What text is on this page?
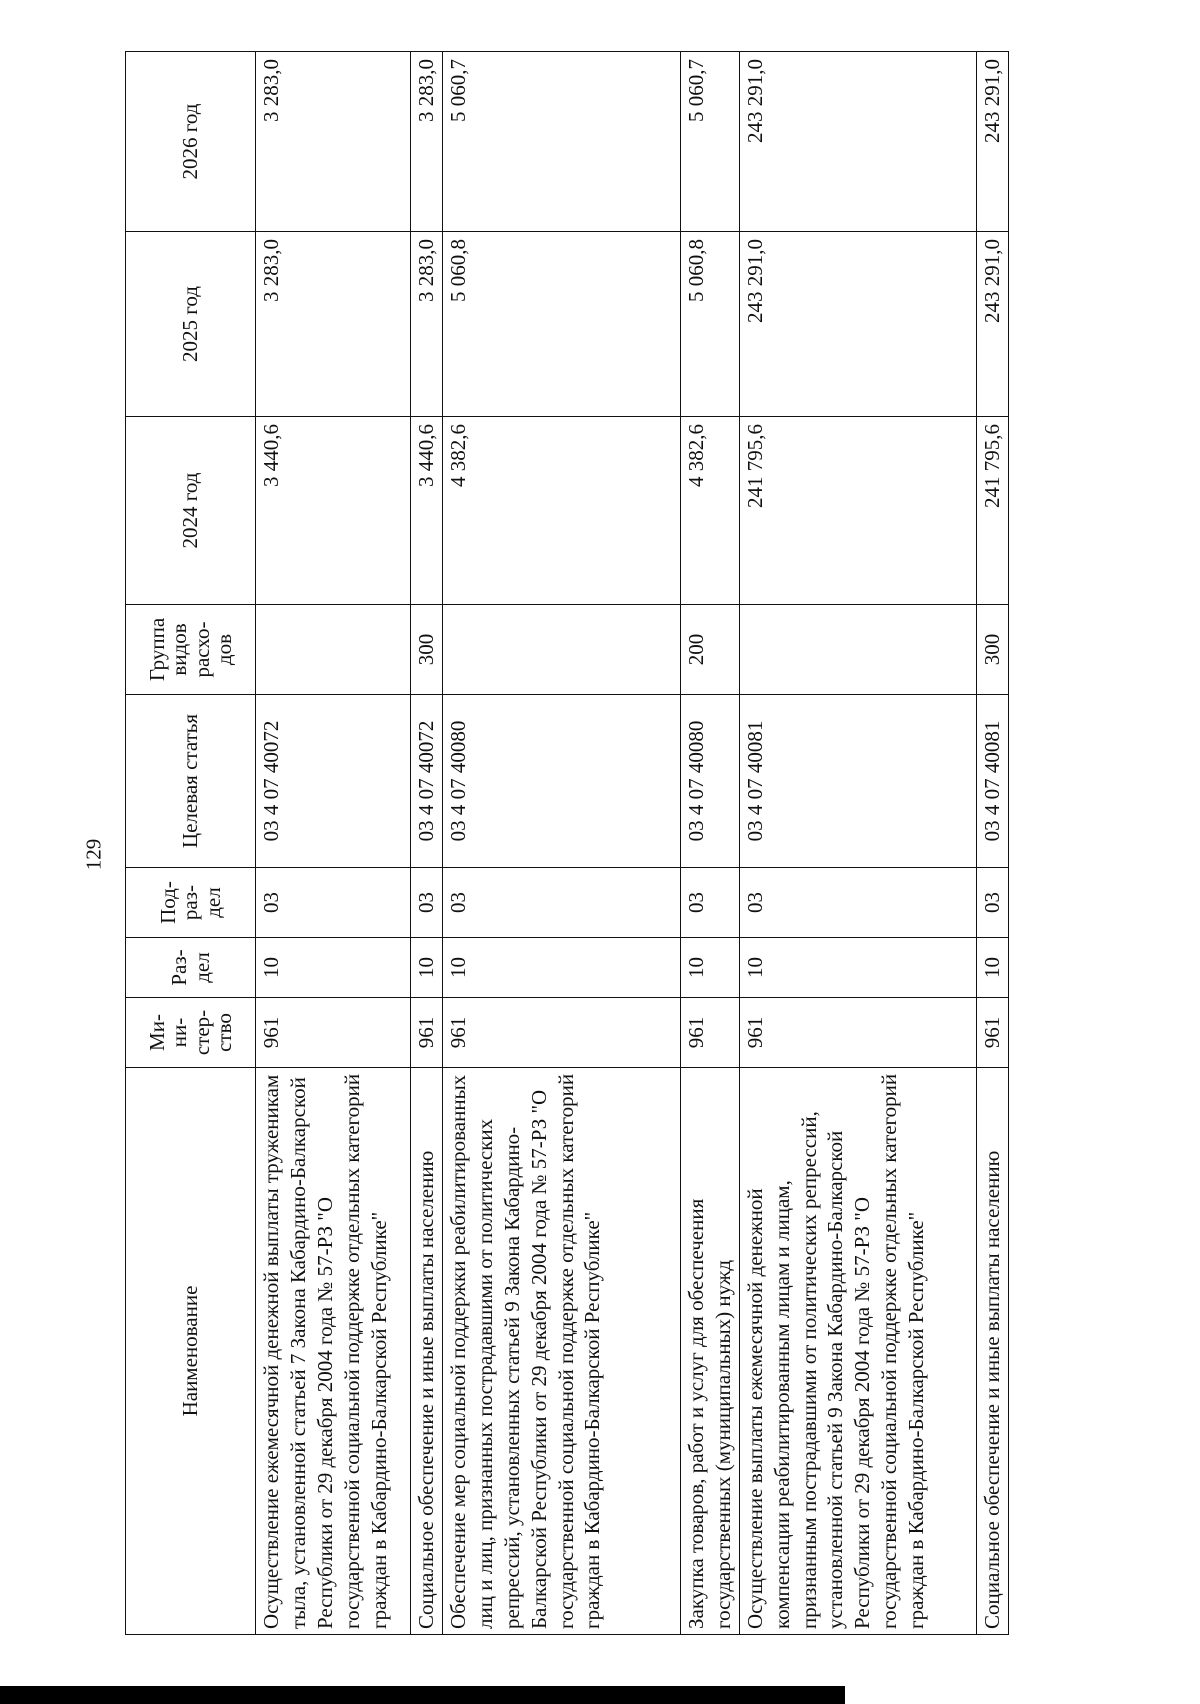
129
Наименование	Ми-
ни-
стер-
ство	Раз-
дел	Под-
раз-
дел	Целевая статья	Группа
видов
расхо-
дов	2024 год	2025 год	2026 год
Осуществление ежемесячной денежной выплаты труженикам тыла, установленной статьей 7 Закона Кабардино-Балкарской Республики от 29 декабря 2004 года № 57-РЗ "О государственной социальной поддержке отдельных категорий граждан в Кабардино-Балкарской Республике"	961	10	03	03 4 07 40072		3 440,6	3 283,0	3 283,0
Социальное обеспечение и иные выплаты населению	961	10	03	03 4 07 40072	300	3 440,6	3 283,0	3 283,0
Обеспечение мер социальной поддержки реабилитированных лиц и лиц, признанных пострадавшими от политических репрессий, установленных статьей 9 Закона Кабардино-Балкарской Республики от 29 декабря 2004 года № 57-РЗ "О государственной социальной поддержке отдельных категорий граждан в Кабардино-Балкарской Республике"	961	10	03	03 4 07 40080		4 382,6	5 060,8	5 060,7
Закупка товаров, работ и услуг для обеспечения государственных (муниципальных) нужд	961	10	03	03 4 07 40080	200	4 382,6	5 060,8	5 060,7
Осуществление выплаты ежемесячной денежной компенсации реабилитированным лицам и лицам, признанным пострадавшими от политических репрессий, установленной статьей 9 Закона Кабардино-Балкарской Республики от 29 декабря 2004 года № 57-РЗ "О государственной социальной поддержке отдельных категорий граждан в Кабардино-Балкарской Республике"	961	10	03	03 4 07 40081		241 795,6	243 291,0	243 291,0
Социальное обеспечение и иные выплаты населению	961	10	03	03 4 07 40081	300	241 795,6	243 291,0	243 291,0
